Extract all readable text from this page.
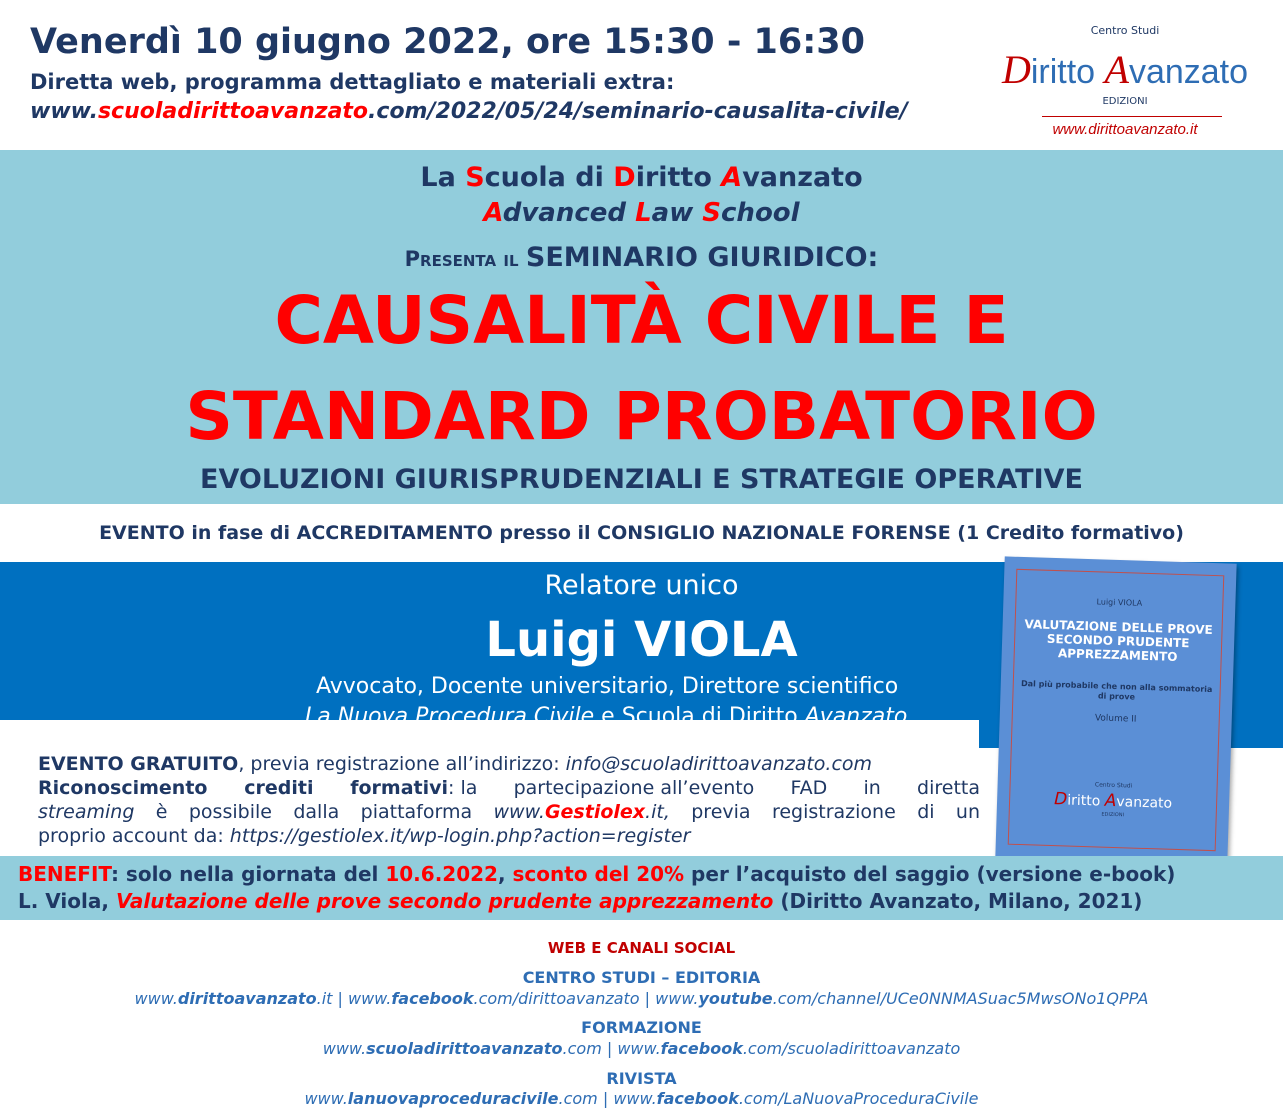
Venerdì 10 giugno 2022, ore 15:30 - 16:30
Diretta web, programma dettagliato e materiali extra:
www.scuoladirittoavanzato.com/2022/05/24/seminario-causalita-civile/
Centro Studi
Diritto Avanzato
EDIZIONI
www.dirittoavanzato.it
La Scuola di Diritto Avanzato
Advanced Law School
Presenta il SEMINARIO GIURIDICO:
CAUSALITÀ CIVILE E
STANDARD PROBATORIO
EVOLUZIONI GIURISPRUDENZIALI E STRATEGIE OPERATIVE
EVENTO in fase di ACCREDITAMENTO presso il CONSIGLIO NAZIONALE FORENSE (1 Credito formativo)
Relatore unico
Luigi VIOLA
Avvocato, Docente universitario, Direttore scientifico
La Nuova Procedura Civile e Scuola di Diritto Avanzato
Luigi VIOLA
VALUTAZIONE DELLE PROVE SECONDO PRUDENTE APPREZZAMENTO
Dal più probabile che non alla sommatoria di prove
Volume II
Centro Studi
Diritto Avanzato
EDIZIONI
EVENTO GRATUITO, previa registrazione all’indirizzo: info@scuoladirittoavanzato.com
Riconoscimento crediti formativi: la partecipazione all’evento FAD in diretta
streaming è possibile dalla piattaforma www.Gestiolex.it, previa registrazione di un
proprio account da: https://gestiolex.it/wp-login.php?action=register
BENEFIT: solo nella giornata del 10.6.2022, sconto del 20% per l’acquisto del saggio (versione e-book)
L. Viola, Valutazione delle prove secondo prudente apprezzamento (Diritto Avanzato, Milano, 2021)
WEB E CANALI SOCIAL
CENTRO STUDI – EDITORIA
www.dirittoavanzato.it | www.facebook.com/dirittoavanzato | www.youtube.com/channel/UCe0NNMASuac5MwsONo1QPPA
FORMAZIONE
www.scuoladirittoavanzato.com | www.facebook.com/scuoladirittoavanzato
RIVISTA
www.lanuovaproceduracivile.com | www.facebook.com/LaNuovaProceduraCivile
